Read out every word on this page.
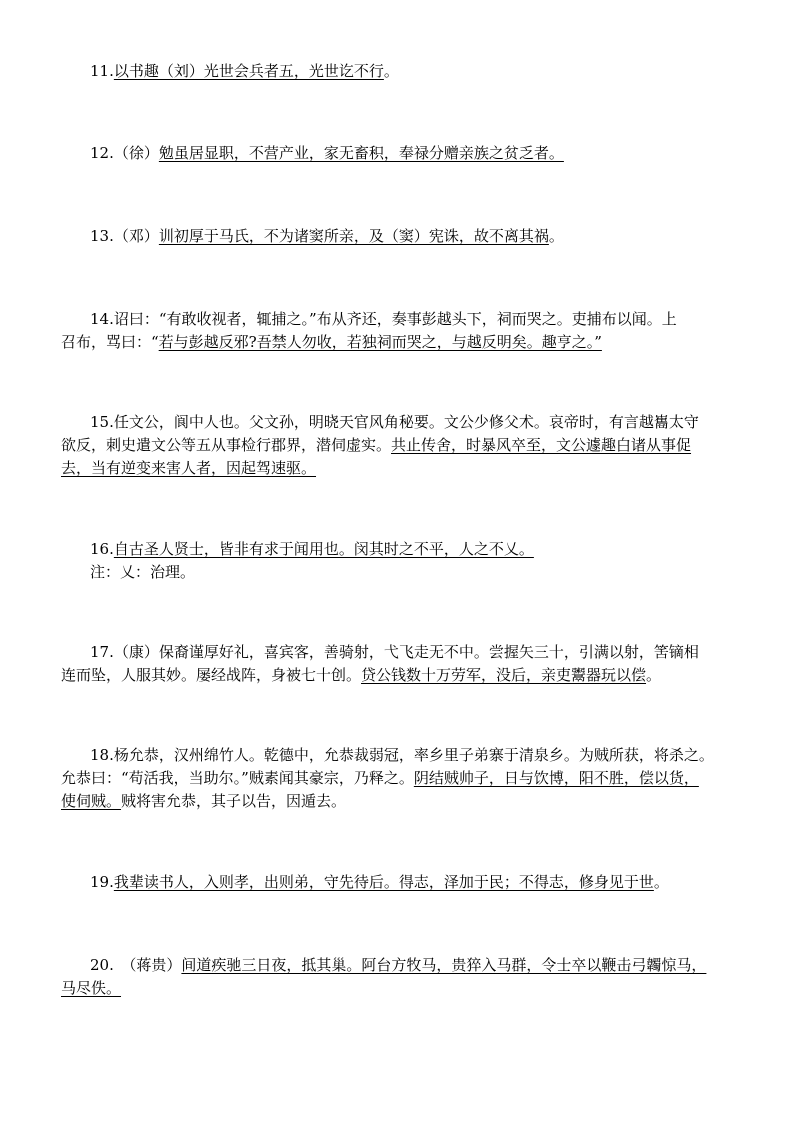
11.以书趣（刘）光世会兵者五，光世讫不行。
12.（徐）勉虽居显职，不营产业，家无畜积，奉禄分赠亲族之贫乏者。
13.（邓）训初厚于马氏，不为诸窦所亲，及（窦）宪诛，故不离其祸。
14.诏曰：“有敢收视者，辄捕之。”布从齐还，奏事彭越头下，祠而哭之。吏捕布以闻。上
召布，骂曰：“若与彭越反邪?吾禁人勿收，若独祠而哭之，与越反明矣。趣亨之。”
15.任文公，阆中人也。父文孙，明晓天官风角秘要。文公少修父术。哀帝时，有言越巂太守
欲反，刺史遣文公等五从事检行郡界，潜伺虚实。共止传舍，时暴风卒至，文公遽趣白诸从事促
去，当有逆变来害人者，因起驾速驱。
16.自古圣人贤士，皆非有求于闻用也。闵其时之不平，人之不乂。
注：乂：治理。
17.（康）保裔谨厚好礼，喜宾客，善骑射，弋飞走无不中。尝握矢三十，引满以射，筈镝相
连而坠，人服其妙。屡经战阵，身被七十创。贷公钱数十万劳军，没后，亲吏鬻器玩以偿。
18.杨允恭，汉州绵竹人。乾德中，允恭裁弱冠，率乡里子弟寨于清泉乡。为贼所获，将杀之。
允恭曰：“苟活我，当助尔。”贼素闻其豪宗，乃释之。阴结贼帅子，日与饮博，阳不胜，偿以货，
使伺贼。贼将害允恭，其子以告，因遁去。
19.我辈读书人，入则孝，出则弟，守先待后。得志，泽加于民；不得志，修身见于世。
20.　 （蒋贵）间道疾驰三日夜，抵其巢。阿台方牧马，贵猝入马群，令士卒以鞭击弓韣惊马，
马尽佚。
